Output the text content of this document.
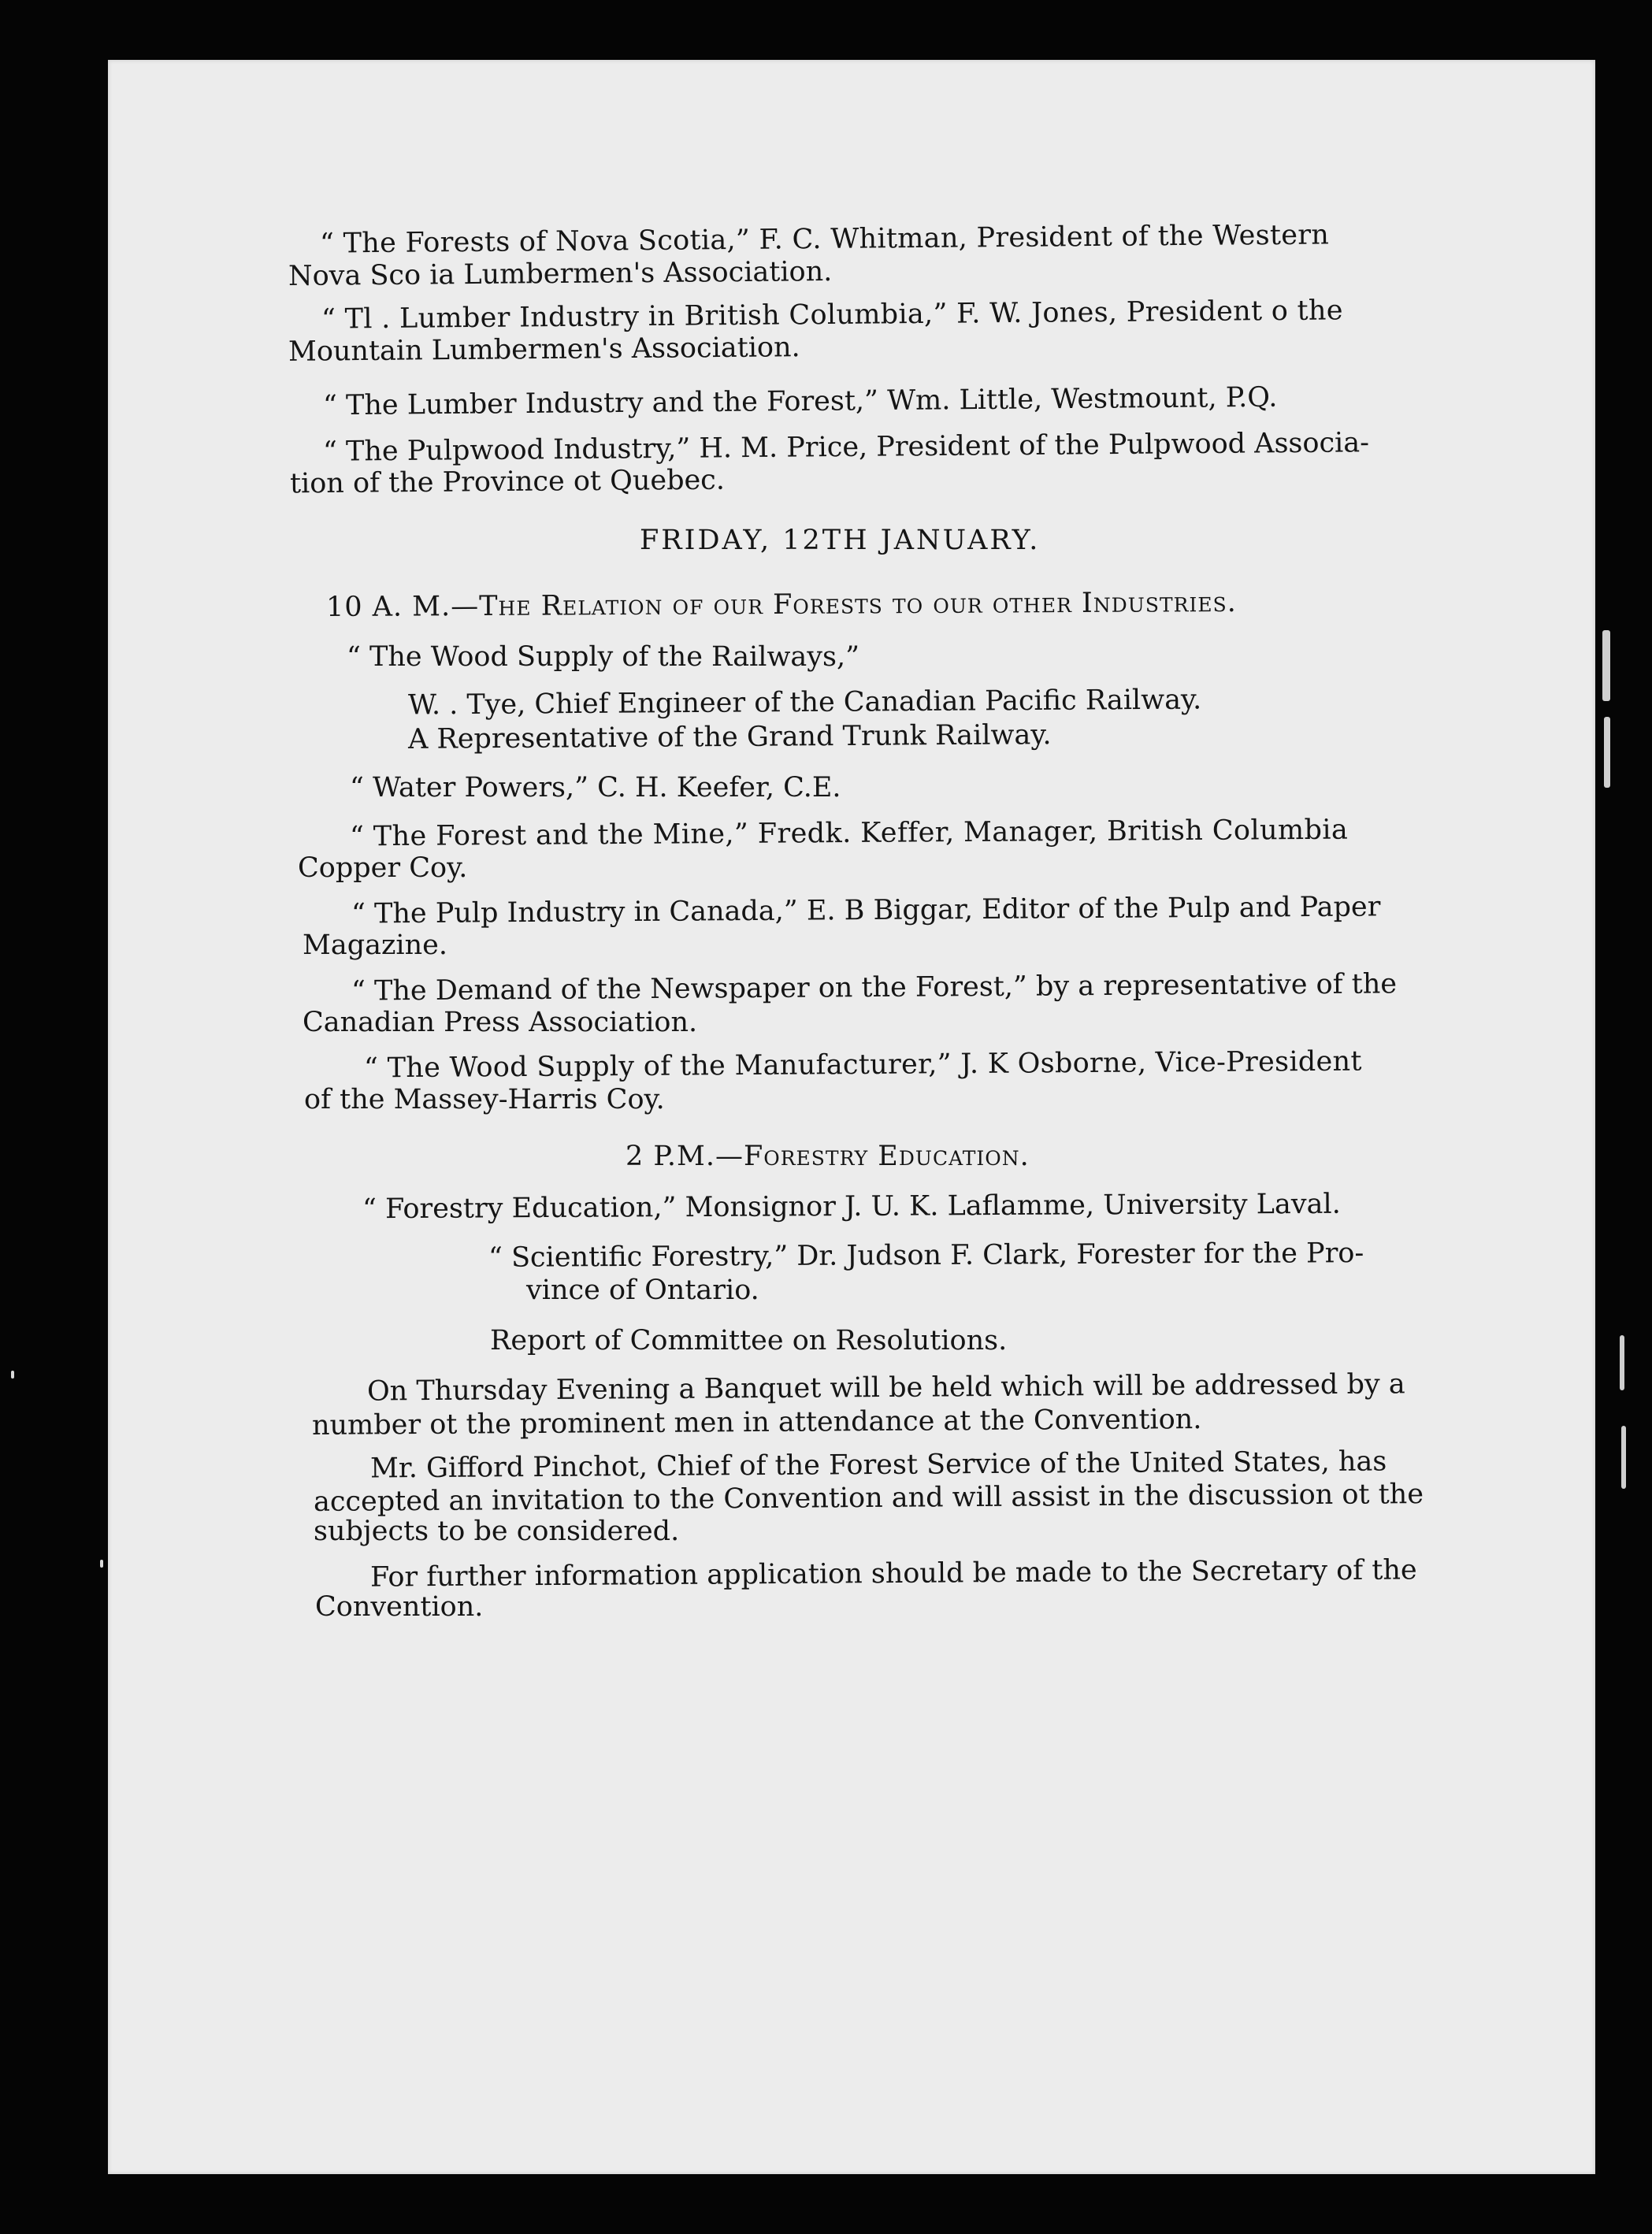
“ The Forests of Nova Scotia,” F. C. Whitman, President of the Western
Nova Sco ia Lumbermen's Association.
“ Tl . Lumber Industry in British Columbia,” F. W. Jones, President o the
Mountain Lumbermen's Association.
“ The Lumber Industry and the Forest,” Wm. Little, Westmount, P.Q.
“ The Pulpwood Industry,” H. M. Price, President of the Pulpwood Associa-
tion of the Province ot Quebec.
FRIDAY, 12TH JANUARY.
10 A. M.—The Relation of our Forests to our other Industries.
“ The Wood Supply of the Railways,”
W. . Tye, Chief Engineer of the Canadian Pacific Railway.
A Representative of the Grand Trunk Railway.
“ Water Powers,” C. H. Keefer, C.E.
“ The Forest and the Mine,” Fredk. Keffer, Manager, British Columbia
Copper Coy.
“ The Pulp Industry in Canada,” E. B Biggar, Editor of the Pulp and Paper
Magazine.
“ The Demand of the Newspaper on the Forest,” by a representative of the
Canadian Press Association.
“ The Wood Supply of the Manufacturer,” J. K Osborne, Vice-President
of the Massey-Harris Coy.
2 P.M.—Forestry Education.
“ Forestry Education,” Monsignor J. U. K. Laflamme, University Laval.
“ Scientific Forestry,” Dr. Judson F. Clark, Forester for the Pro-
vince of Ontario.
Report of Committee on Resolutions.
On Thursday Evening a Banquet will be held which will be addressed by a
number ot the prominent men in attendance at the Convention.
Mr. Gifford Pinchot, Chief of the Forest Service of the United States, has
accepted an invitation to the Convention and will assist in the discussion ot the
subjects to be considered.
For further information application should be made to the Secretary of the
Convention.
